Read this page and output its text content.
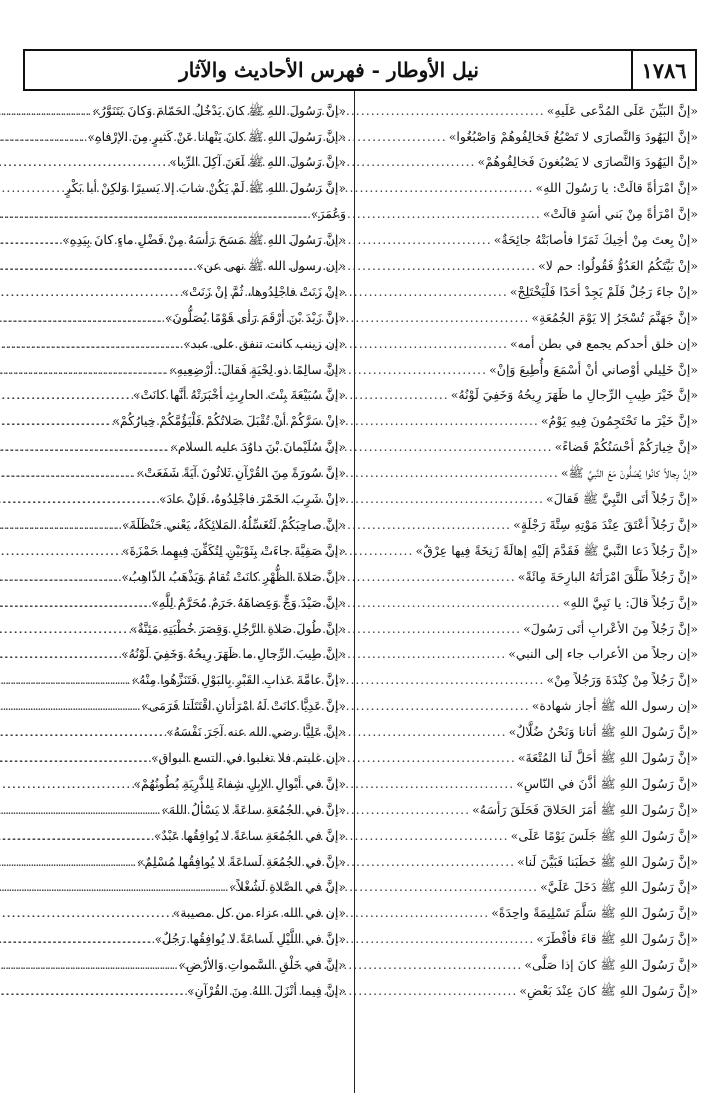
١٧٨٦
نيل الأوطار - فهرس الأحاديث والآثار
«إنَّ البَيِّنَ عَلَى المُدَّعى عَلَيهِ»
.....
«إنَّ اليَهُودَ وَالنَّصارَى لا تَصْبُغُ فَخالِفُوهُمْ وَاصْبُغُوا»
.....
«إنَّ اليَهُودَ وَالنَّصارَى لا يَصْبُغونَ فَخالِفُوهُمْ»
.....
«إنَّ امْرَأةً قالَتْ: يا رَسُولَ اللهِ»
.....
«إنَّ امْرَأةً مِنْ بَني أسَدٍ قالَتْ»
.....
«إنْ بِعتَ مِنْ أخِيكَ ثَمَرًا فأصابَتْهُ جائِحَةٌ»
.....
«إنْ بَيَّتَكُمُ العَدُوُّ فَقُولُوا: حم لا»
.....
«إنْ جاءَ رَجُلٌ فَلَمْ يَجِدْ أحَدًا فَلْيَخْتَلِجْ»
.....
«إنَّ جَهَنَّمَ تُسْجَرُ إلا يَوْمَ الجُمُعَةِ»
.....
«إن خلق أحدكم يجمع في بطن أمه»
.....
«إنَّ خَلِيلي أوْصاني أنْ أسْمَعَ وأُطِيعَ وَإنْ»
.....
«إنَّ خَيْرَ طِيبِ الرِّجالِ ما ظَهَرَ رِيحُهُ وَخَفِيَ لَوْنُهُ»
.....
«إنَّ خَيْرَ ما تَحْتَجِمُونَ فِيهِ يَوْمُ»
.....
«إنَّ خِيارَكُمْ أحْسَنُكُمْ قَضاءً»
.....
«إنَّ رِجالاً كانُوا يُصَلُّونَ مَعَ النَّبيِّ ﷺ»
.....
«إنَّ رَجُلاً أتَى النَّبِيَّ ﷺ فَقالَ»
.....
«إنَّ رَجُلاً أعْتَقَ عِنْدَ مَوْتِهِ سِتَّةَ رَجْلَةٍ»
.....
«إنَّ رَجُلاً دَعا النَّبيَّ ﷺ فَقَدَّمَ إلَيْهِ إهالَةً زَنِخَةً فِيها عِرْقٌ»
.....
«إنَّ رَجُلاً طَلَّقَ امْرَأتَهُ البارِحَةَ مِائَةً»
.....
«إنَّ رَجُلاً قالَ: يا نَبِيَّ اللهِ»
.....
«إنَّ رَجُلاً مِنَ الأعْرابِ أتَى رَسُولَ»
.....
«إن رجلاً من الأعراب جاء إلى النبي»
.....
«إنَّ رَجُلاً مِنْ كِنْدَةَ وَرَجُلاً مِنْ»
.....
«إن رسول الله ﷺ أجاز شهادة»
.....
«إنَّ رَسُولَ اللهِ ﷺ أتانا وَنَحْنُ ضُلَّالٌ»
.....
«إنَّ رَسُولَ اللهِ ﷺ أحَلَّ لَنا المُتْعَةَ»
.....
«إنَّ رَسُولَ اللهِ ﷺ أذَّنَ في النّاسِ»
.....
«إنَّ رَسُولَ اللهِ ﷺ أمَرَ الحَلاقَ فَحَلَقَ رَأسَهُ»
.....
«إنَّ رَسُولَ اللهِ ﷺ جَلَسَ يَوْمًا عَلَى»
.....
«إنَّ رَسُولَ اللهِ ﷺ خَطَبَنا فَبَيَّنَ لَنا»
.....
«إنَّ رَسُولَ اللهِ ﷺ دَخَلَ عَلَيَّ»
.....
«إنَّ رَسُولَ اللهِ ﷺ سَلَّمَ تَسْلِيمَةً واحِدَةً»
.....
«إنَّ رَسُولَ اللهِ ﷺ قاءَ فأفْطَرَ»
.....
«إنَّ رَسُولَ اللهِ ﷺ كانَ إذا صَلَّى»
.....
«إنَّ رَسُولَ اللهِ ﷺ كانَ عِنْدَ بَعْضِ»
.....
«إنَّ رَسُولَ اللهِ ﷺ كانَ يَدْخُلُ الحَمّامَ وَكانَ يَتَنَوَّرُ»
.....
«إنَّ رَسُولَ اللهِ ﷺ كانَ يَنْهانا عَنْ كَثيرٍ مِنَ الإرْفاهِ»
.....
«إنَّ رَسُولَ اللهِ ﷺ لَعَنَ آكِلَ الرِّبا»
.....
«إنَّ رَسُولَ اللهِ ﷺ لَمْ يَكُنْ شابَ إلا يَسيرًا وَلكِنْ أبا بَكْرٍ
وَعُمَرَ»
.....
«إنَّ رَسُولَ اللهِ ﷺ مَسَحَ رَأسَهُ مِنْ فَضْلِ ماءٍ كانَ بِيَدِهِ»
.....
«إن رسول الله ﷺ نهى عن»
.....
«إنْ زَنَتْ فاجْلِدُوها، ثُمَّ إنْ زَنَتْ»
.....
«إنَّ زَيْدَ بْنَ أرْقَمَ رَأى قَوْمًا يُصَلُّونَ»
.....
«إن زينب كانت تنفق على عبد»
.....
«إنَّ سالِمًا ذو لِحْيَةٍ فَقالَ: أرْضِعِيهِ»
.....
«إنَّ سُبَيْعَةَ بِنْتَ الحارِثِ أخْبَرَتْهُ أنَّها كانَتْ»
.....
«إنْ سَرَّكُمْ أنْ تُقْبَلَ صَلاتُكُمْ فَلْيَؤُمَّكُمْ خِيارُكُمْ»
.....
«إنَّ سُلَيْمانَ بْنَ داوُدَ عليه السلام»
.....
«إنَّ سُورَةً مِنَ القُرْآنِ ثَلاثُونَ آيَةً شَفَعَتْ»
.....
«إنْ شَرِبَ الخَمْرَ فاجْلِدُوهُ، فَإنْ عادَ»
.....
«إنَّ صاحِبَكُمْ لَتُغَسِّلُهُ المَلائِكَةُ، يَعْني حَنْظَلَةَ»
.....
«إنَّ صَفِيَّةَ جاءَتْ بِثَوْبَيْنِ لِتُكَفِّنَ فِيهِما حَمْزَةَ»
.....
«إنَّ صَلاةَ الظُّهْرِ كانَتْ تُقامُ وَيَذْهَبُ الذّاهِبُ»
.....
«إنَّ صَيْدَ وَجٍّ وَعِضاهَهُ حَرَمٌ مُحَرَّمٌ لِلَّهِ»
.....
«إنَّ طُولَ صَلاةِ الرَّجُلِ وَقِصَرَ خُطْبَتِهِ مَئِنَّةٌ»
.....
«إنَّ طِيبَ الرِّجالِ ما ظَهَرَ رِيحُهُ وَخَفِيَ لَوْنُهُ»
.....
«إنَّ عامَّةَ عَذابِ القَبْرِ بِالبَوْلِ فَتَنَزَّهُوا مِنْهُ»
.....
«إنَّ عَدِيًّا كانَتْ لَهُ امْرَأتانِ اقْتَتَلَتا فَرَمَى»
.....
«إنَّ عَلِيًّا رضي الله عنه آجَرَ نَفْسَهُ»
.....
«إن غلبتم فلا تغلبوا في التسع البواق»
.....
«إنَّ في أبْوالِ الإبِلِ شِفاءً لِلذَّرِبَةِ بُطُونُهُمْ»
.....
«إنَّ في الجُمُعَةِ ساعَةً لا يَسْألُ اللهَ»
.....
«إنَّ في الجُمُعَةِ ساعَةً لا يُوافِقُها عَبْدٌ»
.....
«إنَّ في الجُمُعَةِ لَساعَةً لا يُوافِقُها مُسْلِمٌ»
.....
«إنَّ في الصَّلاةِ لَشُغْلاً»
.....
«إن في الله عزاء من كل مصيبة»
.....
«إنَّ في اللَّيْلِ لَساعَةً لا يُوافِقُها رَجُلٌ»
.....
«إنَّ في خَلْقِ السَّمواتِ وَالأرْضِ»
.....
«إنَّ فِيما أنْزَلَ اللهُ مِنَ القُرْآنِ»
.....
